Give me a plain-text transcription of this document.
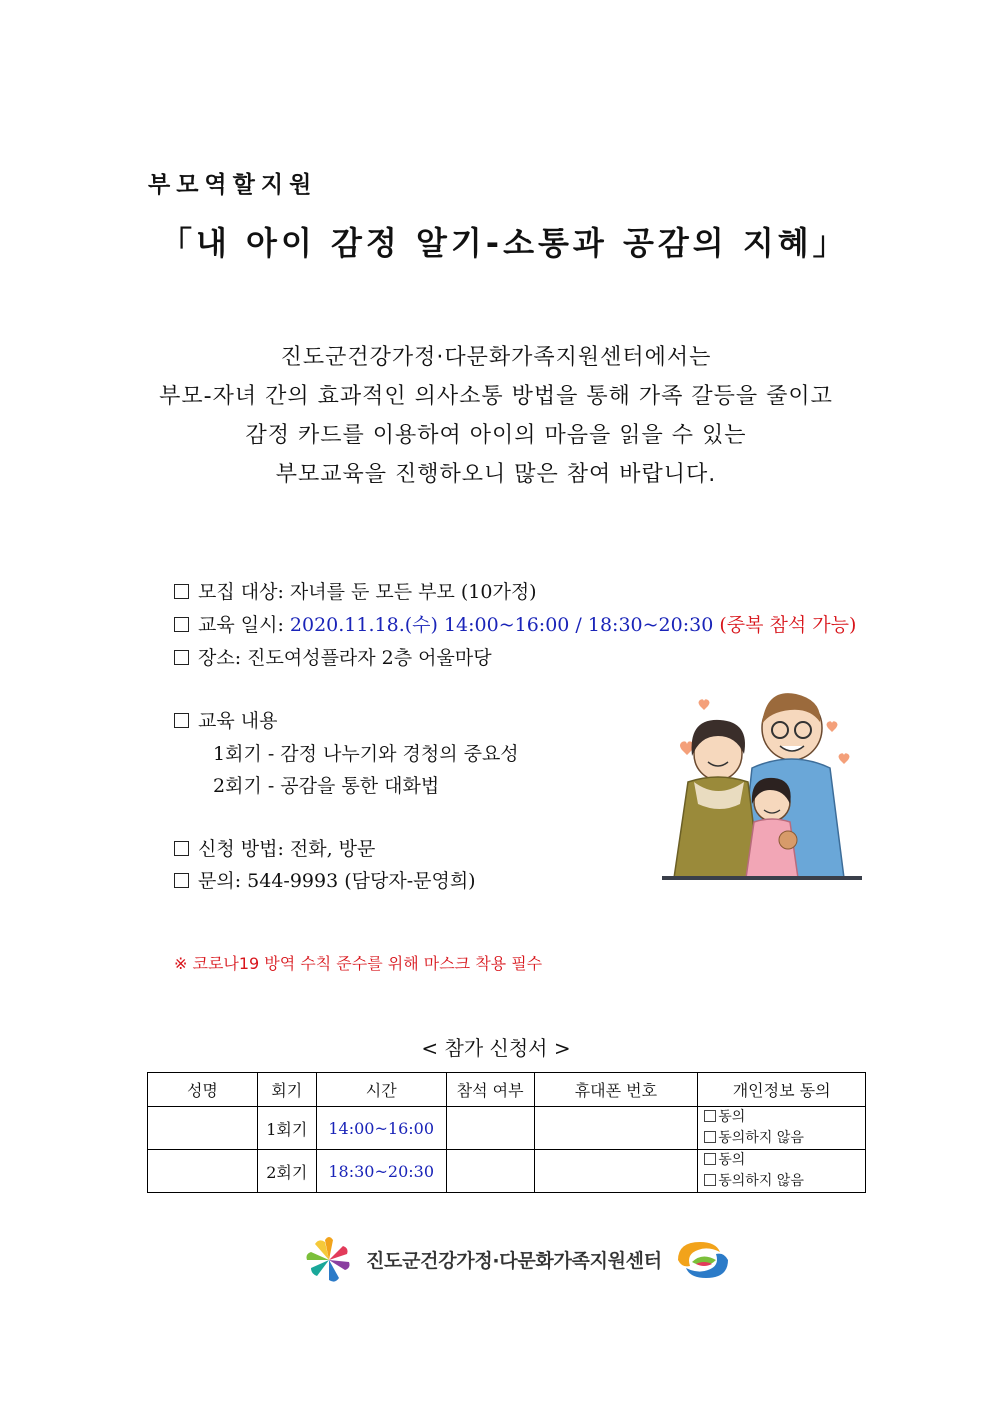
부모역할지원
「내 아이 감정 알기-소통과 공감의 지혜」
진도군건강가정·다문화가족지원센터에서는
부모-자녀 간의 효과적인 의사소통 방법을 통해 가족 갈등을 줄이고
감정 카드를 이용하여 아이의 마음을 읽을 수 있는
부모교육을 진행하오니 많은 참여 바랍니다.
모집 대상: 자녀를 둔 모든 부모 (10가정)
교육 일시: 2020.11.18.(수) 14:00~16:00 / 18:30~20:30 (중복 참석 가능)
장소: 진도여성플라자 2층 어울마당
교육 내용
1회기 - 감정 나누기와 경청의 중요성
2회기 - 공감을 통한 대화법
신청 방법: 전화, 방문
문의: 544-9993 (담당자-문영희)
※ 코로나19 방역 수칙 준수를 위해 마스크 착용 필수
< 참가 신청서 >
성명	회기	시간	참석 여부	휴대폰 번호	개인정보 동의
	1회기	14:00~16:00			동의
동의하지 않음

	2회기	18:30~20:30			동의
동의하지 않음
진도군건강가정·다문화가족지원센터
